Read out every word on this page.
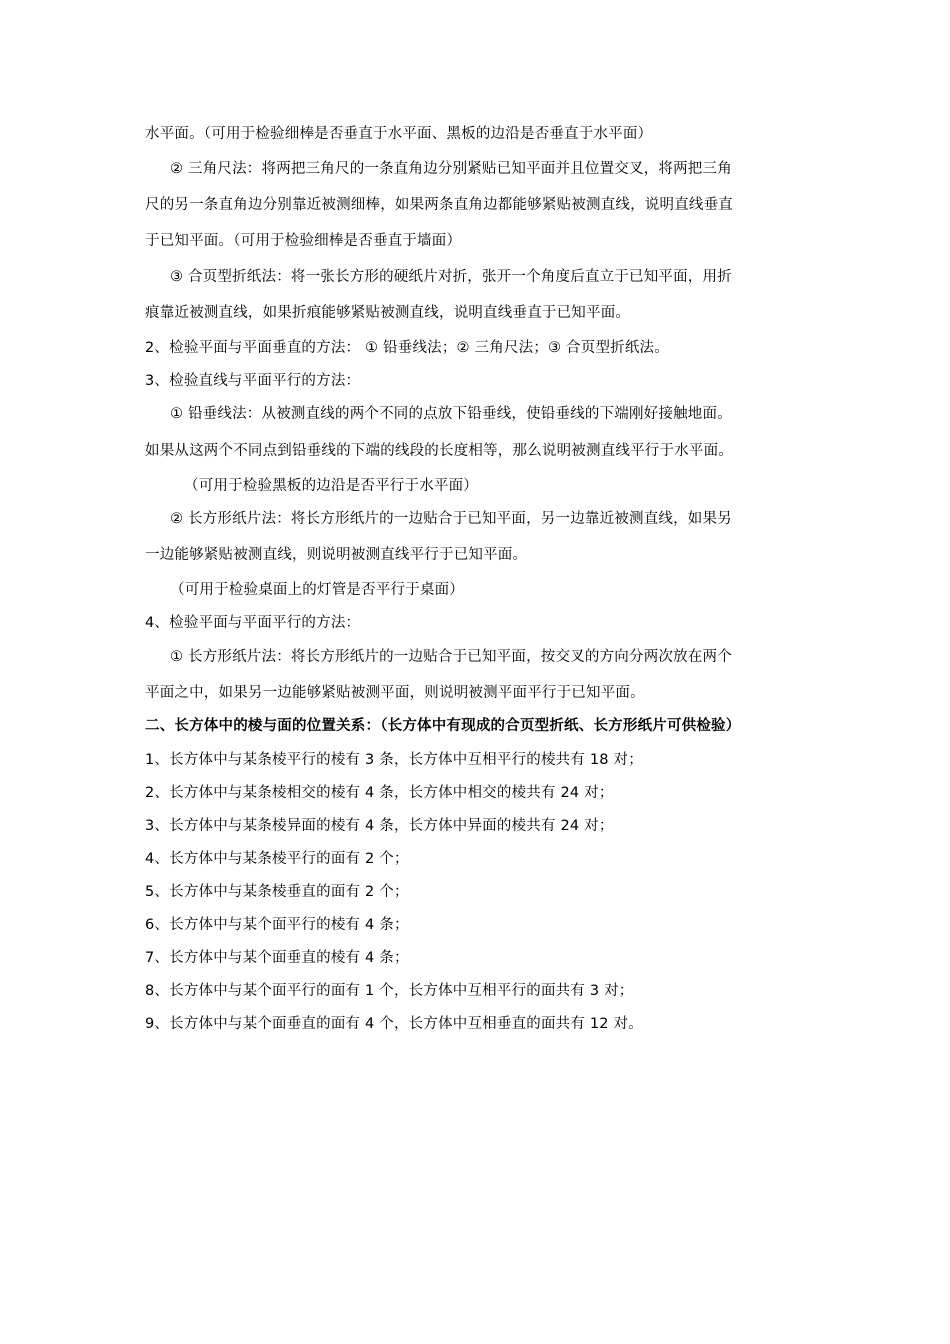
水平面。（可用于检验细棒是否垂直于水平面、黑板的边沿是否垂直于水平面）
② 三角尺法：将两把三角尺的一条直角边分别紧贴已知平面并且位置交叉，将两把三角
尺的另一条直角边分别靠近被测细棒，如果两条直角边都能够紧贴被测直线，说明直线垂直
于已知平面。（可用于检验细棒是否垂直于墙面）
③ 合页型折纸法：将一张长方形的硬纸片对折，张开一个角度后直立于已知平面，用折
痕靠近被测直线，如果折痕能够紧贴被测直线，说明直线垂直于已知平面。
2、检验平面与平面垂直的方法： ① 铅垂线法；② 三角尺法；③ 合页型折纸法。
3、检验直线与平面平行的方法：
① 铅垂线法：从被测直线的两个不同的点放下铅垂线，使铅垂线的下端刚好接触地面。
如果从这两个不同点到铅垂线的下端的线段的长度相等，那么说明被测直线平行于水平面。
（可用于检验黑板的边沿是否平行于水平面）
② 长方形纸片法：将长方形纸片的一边贴合于已知平面，另一边靠近被测直线，如果另
一边能够紧贴被测直线，则说明被测直线平行于已知平面。
（可用于检验桌面上的灯管是否平行于桌面）
4、检验平面与平面平行的方法：
① 长方形纸片法：将长方形纸片的一边贴合于已知平面，按交叉的方向分两次放在两个
平面之中，如果另一边能够紧贴被测平面，则说明被测平面平行于已知平面。
二、长方体中的棱与面的位置关系：（长方体中有现成的合页型折纸、长方形纸片可供检验）
1、长方体中与某条棱平行的棱有 3 条，长方体中互相平行的棱共有 18 对；
2、长方体中与某条棱相交的棱有 4 条，长方体中相交的棱共有 24 对；
3、长方体中与某条棱异面的棱有 4 条，长方体中异面的棱共有 24 对；
4、长方体中与某条棱平行的面有 2 个；
5、长方体中与某条棱垂直的面有 2 个；
6、长方体中与某个面平行的棱有 4 条；
7、长方体中与某个面垂直的棱有 4 条；
8、长方体中与某个面平行的面有 1 个，长方体中互相平行的面共有 3 对；
9、长方体中与某个面垂直的面有 4 个，长方体中互相垂直的面共有 12 对。
